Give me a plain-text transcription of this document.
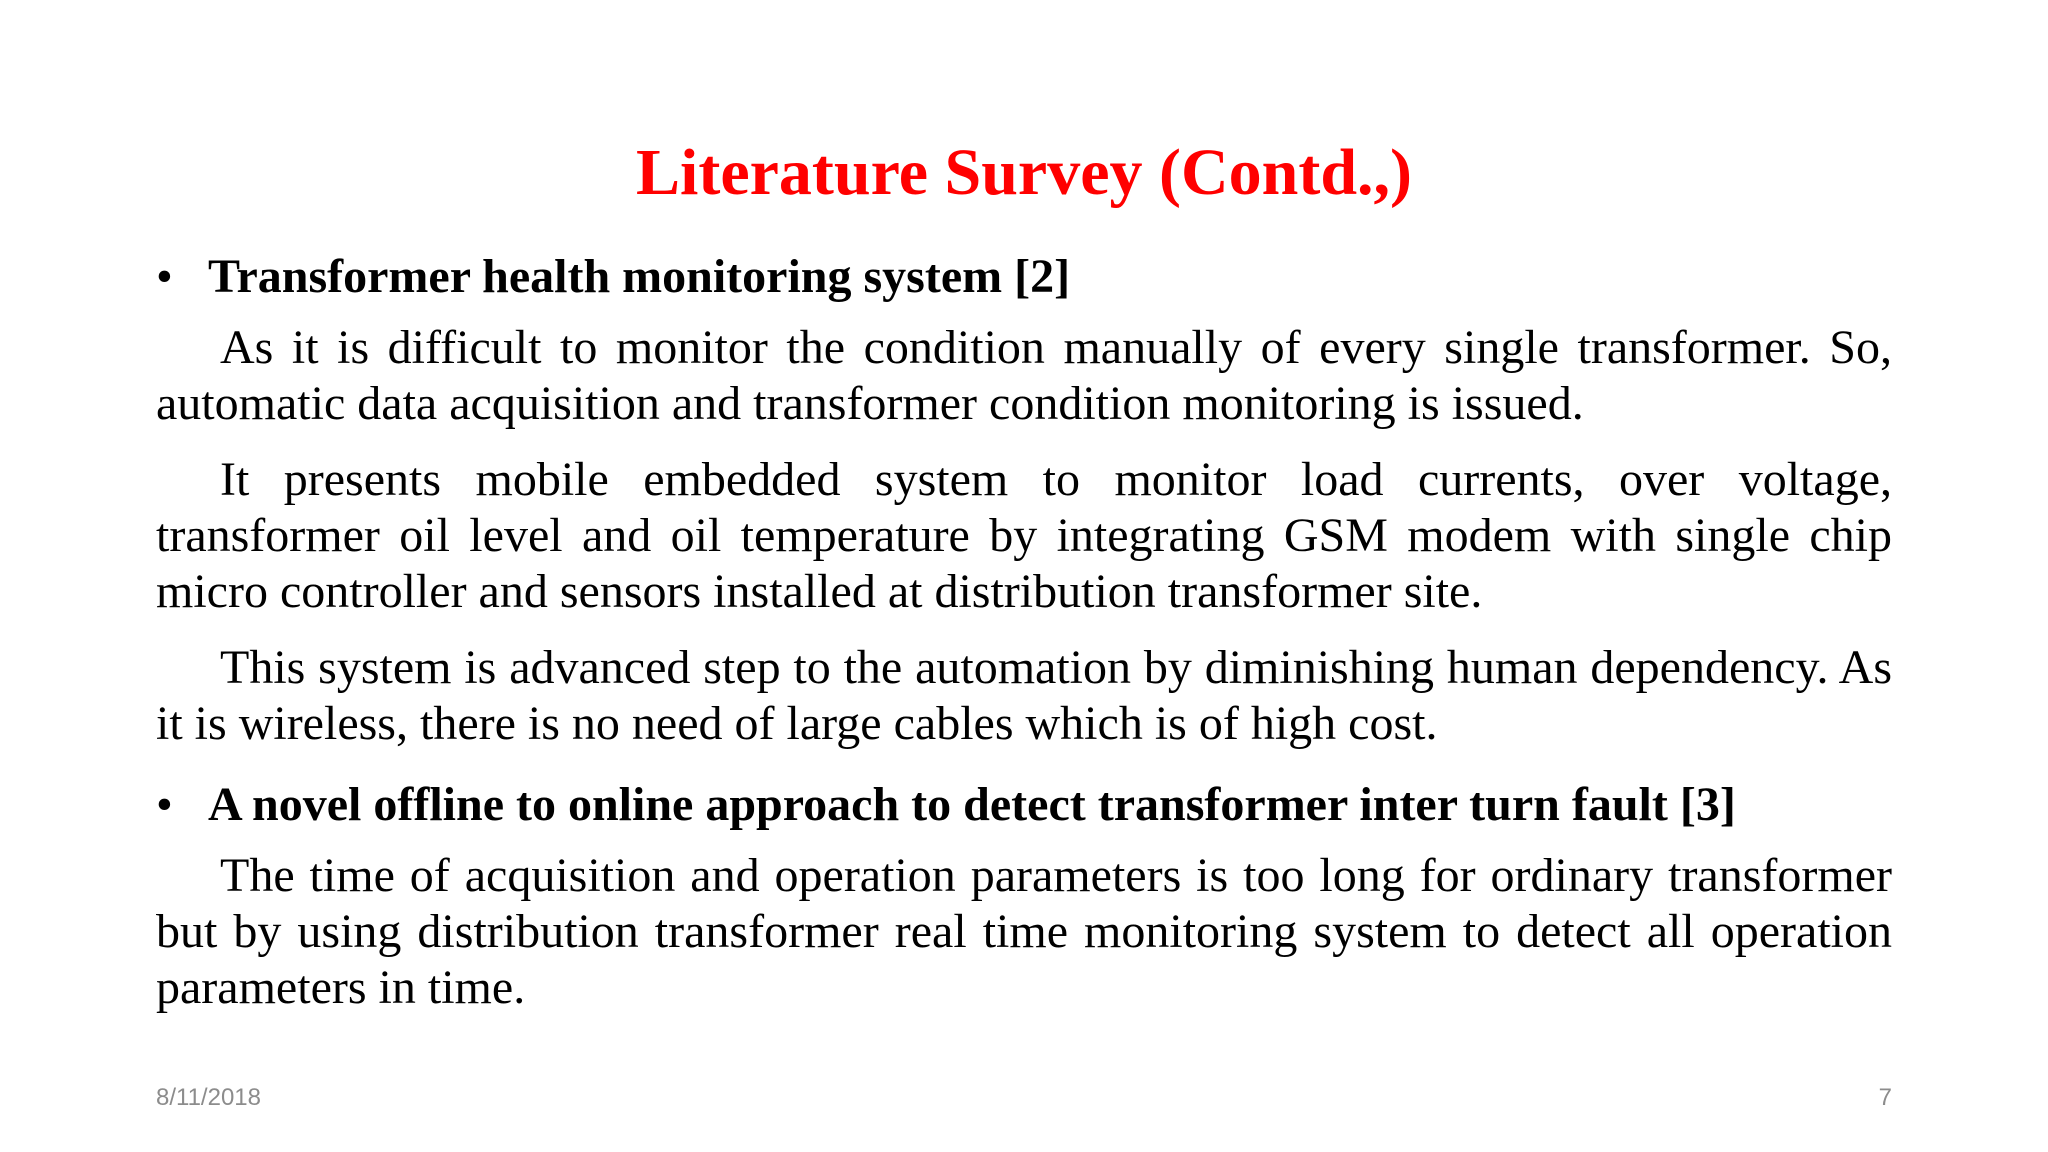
Literature Survey (Contd.,)
• Transformer health monitoring system [2]

As it is difficult to monitor the condition manually of every single transformer. So, automatic data acquisition and transformer condition monitoring is issued.

It presents mobile embedded system to monitor load currents, over voltage, transformer oil level and oil temperature by integrating GSM modem with single chip micro controller and sensors installed at distribution transformer site.

This system is advanced step to the automation by diminishing human dependency. As it is wireless, there is no need of large cables which is of high cost.

• A novel offline to online approach to detect transformer inter turn fault [3]

The time of acquisition and operation parameters is too long for ordinary transformer but by using distribution transformer real time monitoring system to detect all operation parameters in time.

8/11/2018	7
